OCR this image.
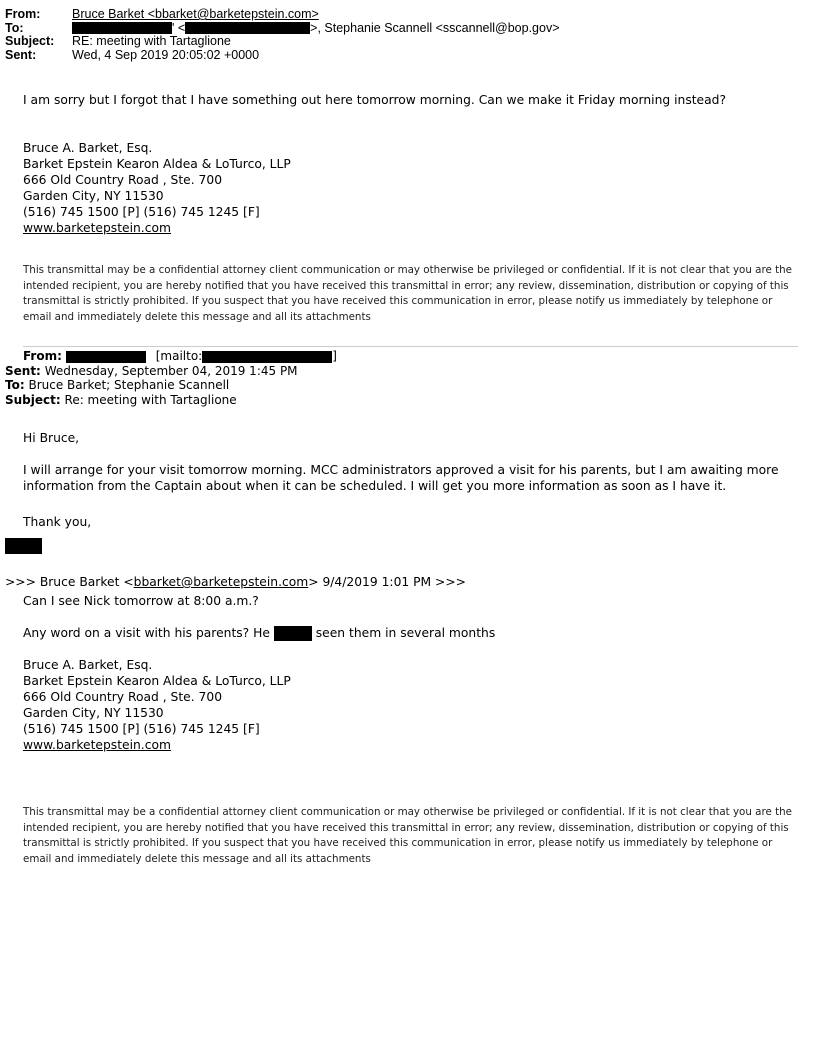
From:	Bruce Barket <bbarket@barketepstein.com>
To:	' <	>, Stephanie Scannell <sscannell@bop.gov>
Subject:	RE: meeting with Tartaglione
Sent:	Wed, 4 Sep 2019 20:05:02 +0000
I am sorry but I forgot that I have something out here tomorrow morning. Can we make it Friday morning instead?
Bruce A. Barket, Esq.
Barket Epstein Kearon Aldea & LoTurco, LLP
666 Old Country Road , Ste. 700
Garden City, NY 11530
(516) 745 1500 [P] (516) 745 1245 [F]
www.barketepstein.com
This transmittal may be a confidential attorney client communication or may otherwise be privileged or confidential. If it is not clear that you are the intended recipient, you are hereby notified that you have received this transmittal in error; any review, dissemination, distribution or copying of this transmittal is strictly prohibited. If you suspect that you have received this communication in error, please notify us immediately by telephone or email and immediately delete this message and all its attachments
From:	[mailto:	]
Sent: Wednesday, September 04, 2019 1:45 PM
To: Bruce Barket; Stephanie Scannell
Subject: Re: meeting with Tartaglione
Hi Bruce,
I will arrange for your visit tomorrow morning. MCC administrators approved a visit for his parents, but I am awaiting more
information from the Captain about when it can be scheduled. I will get you more information as soon as I have it.
Thank you,
>>> Bruce Barket <bbarket@barketepstein.com> 9/4/2019 1:01 PM >>>
Can I see Nick tomorrow at 8:00 a.m.?
Any word on a visit with his parents? He	seen them in several months
Bruce A. Barket, Esq.
Barket Epstein Kearon Aldea & LoTurco, LLP
666 Old Country Road , Ste. 700
Garden City, NY 11530
(516) 745 1500 [P] (516) 745 1245 [F]
www.barketepstein.com
This transmittal may be a confidential attorney client communication or may otherwise be privileged or confidential. If it is not clear that you are the intended recipient, you are hereby notified that you have received this transmittal in error; any review, dissemination, distribution or copying of this transmittal is strictly prohibited. If you suspect that you have received this communication in error, please notify us immediately by telephone or email and immediately delete this message and all its attachments
